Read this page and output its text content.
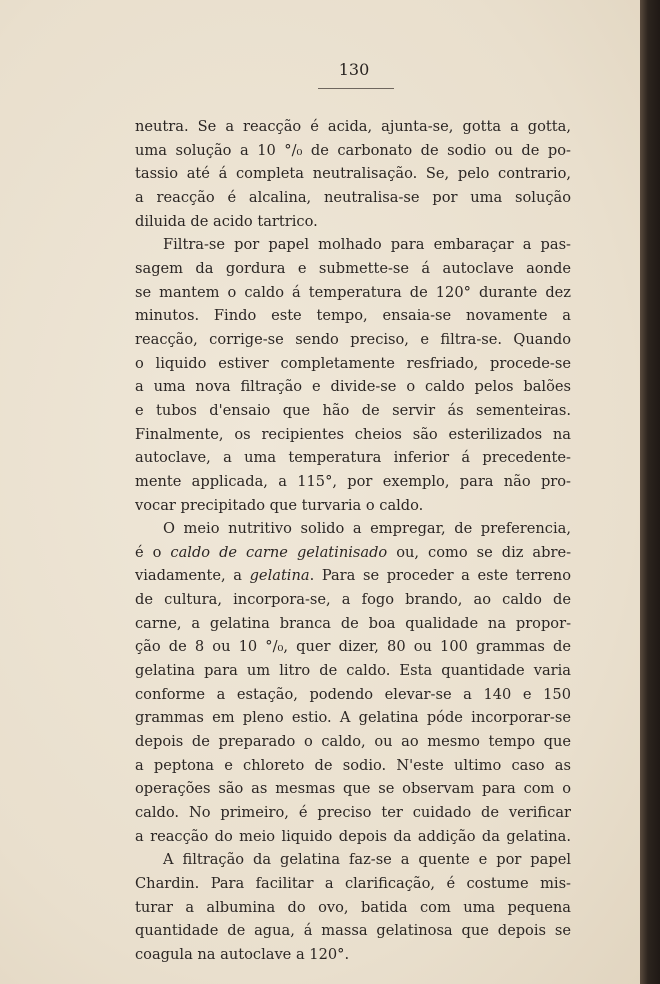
130
neutra. Se a reacção é acida, ajunta-se, gotta a gotta,
uma solução a 10 °/₀ de carbonato de sodio ou de po-
tassio até á completa neutralisação. Se, pelo contrario,
a reacção é alcalina, neutralisa-se por uma solução
diluida de acido tartrico.
Filtra-se por papel molhado para embaraçar a pas-
sagem da gordura e submette-se á autoclave aonde
se mantem o caldo á temperatura de 120° durante dez
minutos. Findo este tempo, ensaia-se novamente a
reacção, corrige-se sendo preciso, e filtra-se. Quando
o liquido estiver completamente resfriado, procede-se
a uma nova filtração e divide-se o caldo pelos balões
e tubos d'ensaio que hão de servir ás sementeiras.
Finalmente, os recipientes cheios são esterilizados na
autoclave, a uma temperatura inferior á precedente-
mente applicada, a 115°, por exemplo, para não pro-
vocar precipitado que turvaria o caldo.
O meio nutritivo solido a empregar, de preferencia,
é o caldo de carne gelatinisado ou, como se diz abre-
viadamente, a gelatina. Para se proceder a este terreno
de cultura, incorpora-se, a fogo brando, ao caldo de
carne, a gelatina branca de boa qualidade na propor-
ção de 8 ou 10 °/₀, quer dizer, 80 ou 100 grammas de
gelatina para um litro de caldo. Esta quantidade varia
conforme a estação, podendo elevar-se a 140 e 150
grammas em pleno estio. A gelatina póde incorporar-se
depois de preparado o caldo, ou ao mesmo tempo que
a peptona e chloreto de sodio. N'este ultimo caso as
operações são as mesmas que se observam para com o
caldo. No primeiro, é preciso ter cuidado de verificar
a reacção do meio liquido depois da addição da gelatina.
A filtração da gelatina faz-se a quente e por papel
Chardin. Para facilitar a clarificação, é costume mis-
turar a albumina do ovo, batida com uma pequena
quantidade de agua, á massa gelatinosa que depois se
coagula na autoclave a 120°.
